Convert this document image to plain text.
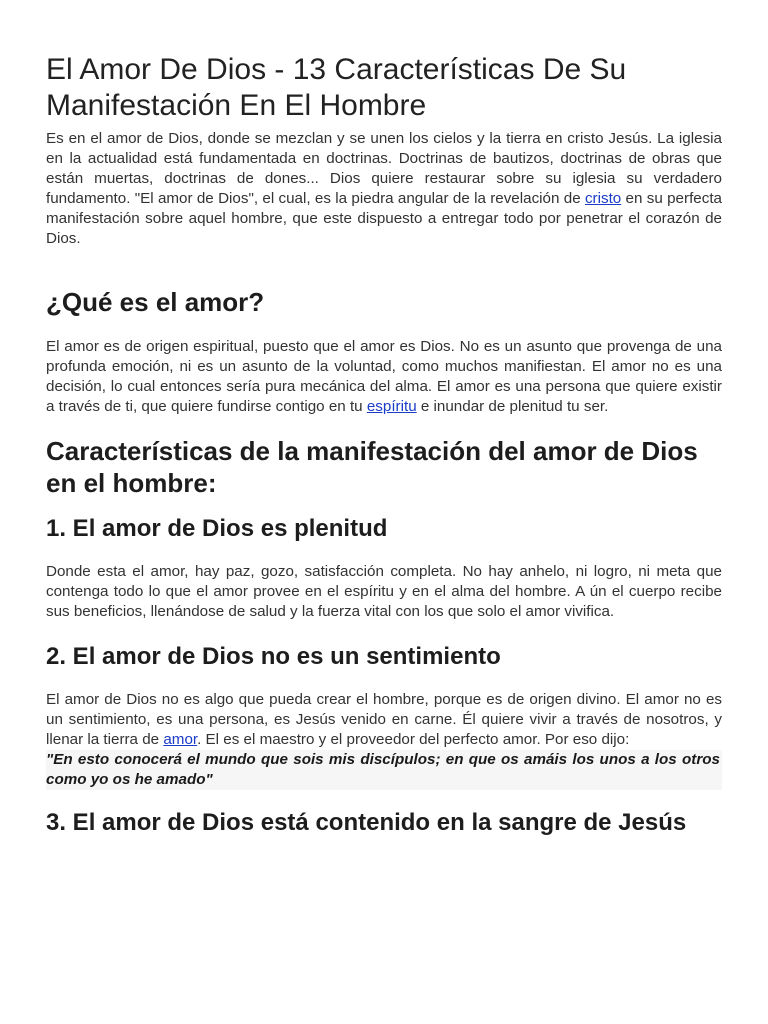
El Amor De Dios - 13 Características De Su Manifestación En El Hombre

Es en el amor de Dios, donde se mezclan y se unen los cielos y la tierra en cristo Jesús. La iglesia en la actualidad está fundamentada en doctrinas. Doctrinas de bautizos, doctrinas de obras que están muertas, doctrinas de dones... Dios quiere restaurar sobre su iglesia su verdadero fundamento. "El amor de Dios", el cual, es la piedra angular de la revelación de cristo en su perfecta manifestación sobre aquel hombre, que este dispuesto a entregar todo por penetrar el corazón de Dios.

¿Qué es el amor?

El amor es de origen espiritual, puesto que el amor es Dios. No es un asunto que provenga de una profunda emoción, ni es un asunto de la voluntad, como muchos manifiestan. El amor no es una decisión, lo cual entonces sería pura mecánica del alma. El amor es una persona que quiere existir a través de ti, que quiere fundirse contigo en tu espíritu e inundar de plenitud tu ser.

Características de la manifestación del amor de Dios en el hombre:
1. El amor de Dios es plenitud

Donde esta el amor, hay paz, gozo, satisfacción completa. No hay anhelo, ni logro, ni meta que contenga todo lo que el amor provee en el espíritu y en el alma del hombre. A ún el cuerpo recibe sus beneficios, llenándose de salud y la fuerza vital con los que solo el amor vivifica.

2. El amor de Dios no es un sentimiento

El amor de Dios no es algo que pueda crear el hombre, porque es de origen divino. El amor no es un sentimiento, es una persona, es Jesús venido en carne. Él quiere vivir a través de nosotros, y llenar la tierra de amor. El es el maestro y el proveedor del perfecto amor. Por eso dijo:

"En esto conocerá el mundo que sois mis discípulos; en que os amáis los unos a los otros como yo os he amado"

3. El amor de Dios está contenido en la sangre de Jesús
